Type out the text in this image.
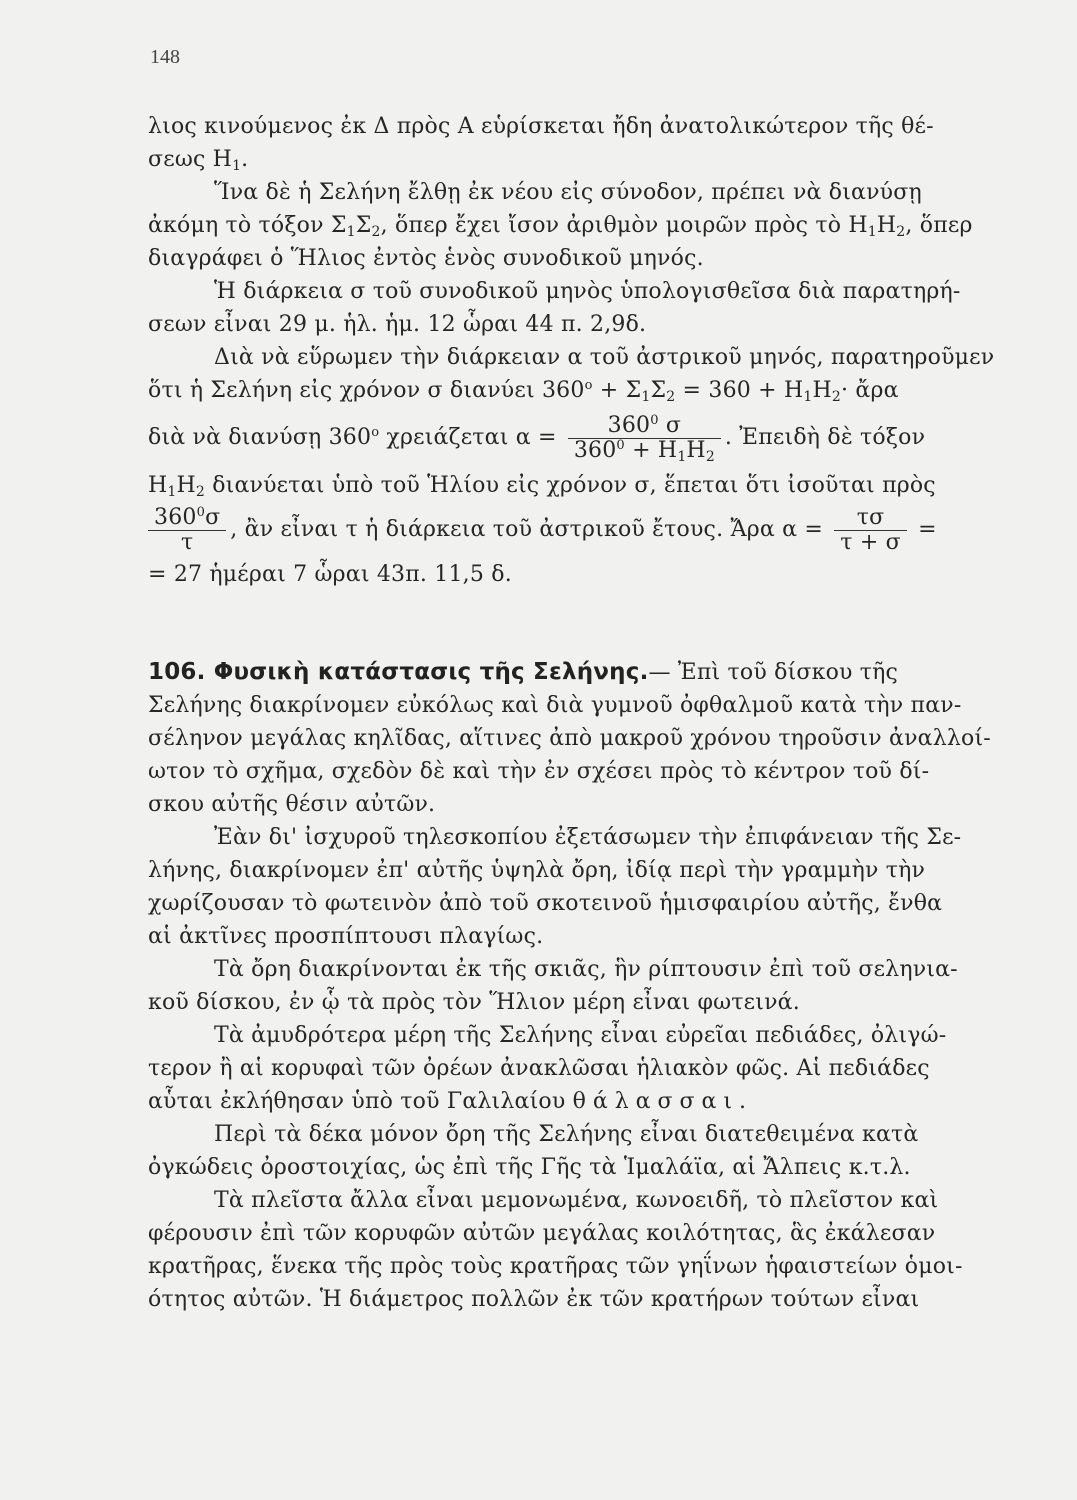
148
λιος κινούμενος ἐκ Δ πρὸς Α εὑρίσκεται ἤδη ἀνατολικώτερον τῆς θέ-
σεως $H_1$.
Ἵνα δὲ ἡ Σελήνη ἔλθῃ ἐκ νέου εἰς σύνοδον, πρέπει νὰ διανύσῃ
ἀκόμη τὸ τόξον $\Sigma_1\Sigma_2$, ὅπερ ἔχει ἴσον ἀριθμὸν μοιρῶν πρὸς τὸ $H_1H_2$, ὅπερ
διαγράφει ὁ Ἥλιος ἐντὸς ἑνὸς συνοδικοῦ μηνός.
Ἡ διάρκεια σ τοῦ συνοδικοῦ μηνὸς ὑπολογισθεῖσα διὰ παρατηρή-
σεων εἶναι 29 μ. ἡλ. ἡμ. 12 ὧραι 44 π. 2,9δ.
Διὰ νὰ εὕρωμεν τὴν διάρκειαν α τοῦ ἀστρικοῦ μηνός, παρατηροῦμεν
ὅτι ἡ Σελήνη εἰς χρόνον σ διανύει $360^o + \Sigma_1\Sigma_2 = 360 + H_1H_2\cdot$ ἄρα
διὰ νὰ διανύσῃ $360^o$ χρειάζεται $\alpha = \frac{360^0 \sigma}{360^0 + H_1H_2}$ . Ἐπειδὴ δὲ τόξον
$H_1H_2$ διανύεται ὑπὸ τοῦ Ἡλίου εἰς χρόνον σ, ἕπεται ὅτι ἰσοῦται πρὸς
$\frac{360^0\sigma}{\tau}$ , ἂν εἶναι τ ἡ διάρκεια τοῦ ἀστρικοῦ ἔτους. Ἄρα $\alpha = \frac{\tau\sigma}{\tau + \sigma}$ =
= 27 ἡμέραι 7 ὧραι 43π. 11,5 δ.
106. Φυσικὴ κατάστασις τῆς Σελήνης.— Ἐπὶ τοῦ δίσκου τῆς
Σελήνης διακρίνομεν εὐκόλως καὶ διὰ γυμνοῦ ὀφθαλμοῦ κατὰ τὴν παν-
σέληνον μεγάλας κηλῖδας, αἵτινες ἀπὸ μακροῦ χρόνου τηροῦσιν ἀναλλοί-
ωτον τὸ σχῆμα, σχεδὸν δὲ καὶ τὴν ἐν σχέσει πρὸς τὸ κέντρον τοῦ δί-
σκου αὐτῆς θέσιν αὐτῶν.
Ἐὰν δι' ἰσχυροῦ τηλεσκοπίου ἐξετάσωμεν τὴν ἐπιφάνειαν τῆς Σε-
λήνης, διακρίνομεν ἐπ' αὐτῆς ὑψηλὰ ὄρη, ἰδίᾳ περὶ τὴν γραμμὴν τὴν
χωρίζουσαν τὸ φωτεινὸν ἀπὸ τοῦ σκοτεινοῦ ἡμισφαιρίου αὐτῆς, ἔνθα
αἱ ἀκτῖνες προσπίπτουσι πλαγίως.
Τὰ ὄρη διακρίνονται ἐκ τῆς σκιᾶς, ἣν ρίπτουσιν ἐπὶ τοῦ σεληνια-
κοῦ δίσκου, ἐν ᾧ τὰ πρὸς τὸν Ἥλιον μέρη εἶναι φωτεινά.
Τὰ ἀμυδρότερα μέρη τῆς Σελήνης εἶναι εὐρεῖαι πεδιάδες, ὀλιγώ-
τερον ἢ αἱ κορυφαὶ τῶν ὀρέων ἀνακλῶσαι ἡλιακὸν φῶς. Αἱ πεδιάδες
αὗται ἐκλήθησαν ὑπὸ τοῦ Γαλιλαίου θάλασσαι.
Περὶ τὰ δέκα μόνον ὄρη τῆς Σελήνης εἶναι διατεθειμένα κατὰ
ὀγκώδεις ὀροστοιχίας, ὡς ἐπὶ τῆς Γῆς τὰ Ἱμαλάϊα, αἱ Ἄλπεις κ.τ.λ.
Τὰ πλεῖστα ἄλλα εἶναι μεμονωμένα, κωνοειδῆ, τὸ πλεῖστον καὶ
φέρουσιν ἐπὶ τῶν κορυφῶν αὐτῶν μεγάλας κοιλότητας, ἃς ἐκάλεσαν
κρατῆρας, ἕνεκα τῆς πρὸς τοὺς κρατῆρας τῶν γηΐνων ἡφαιστείων ὁμοι-
ότητος αὐτῶν. Ἡ διάμετρος πολλῶν ἐκ τῶν κρατήρων τούτων εἶναι
